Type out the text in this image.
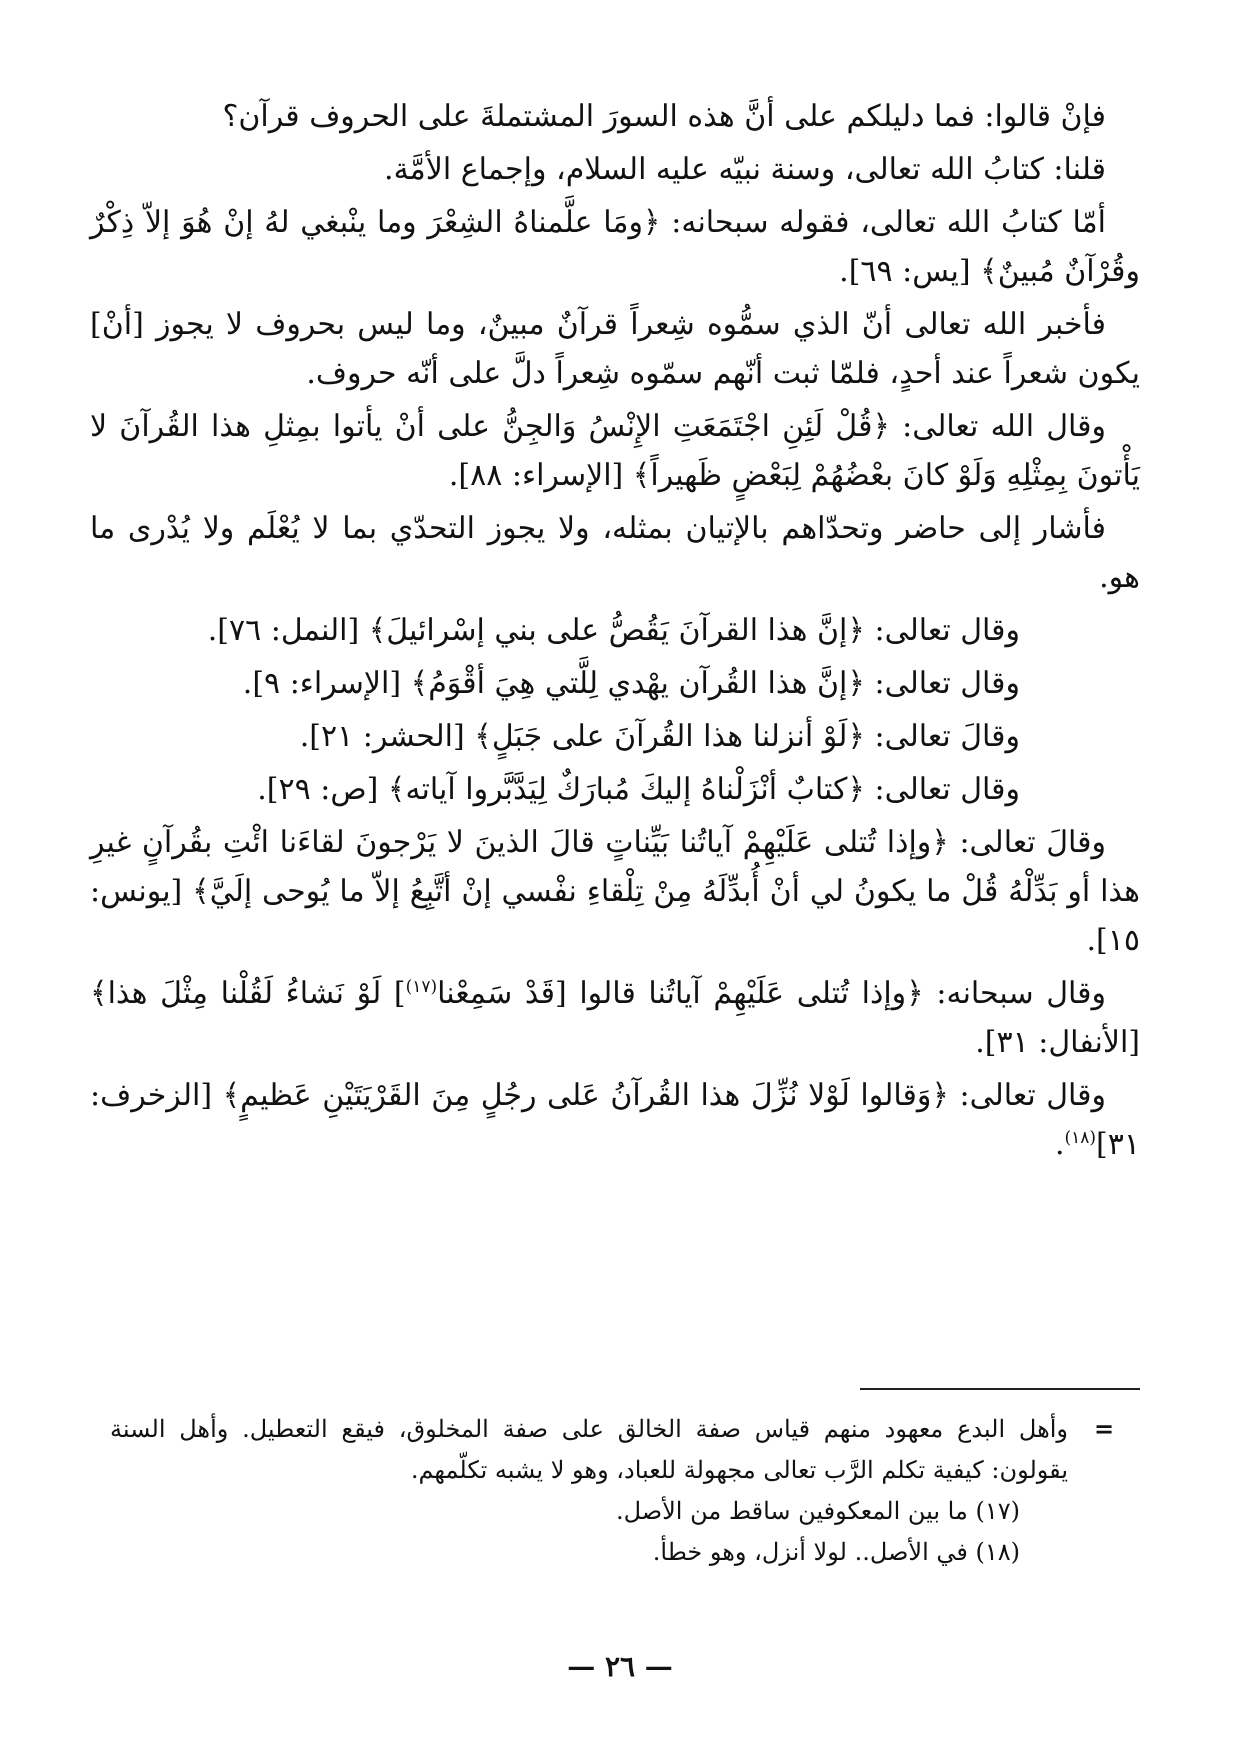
فإنْ قالوا: فما دليلكم على أنَّ هذه السورَ المشتملةَ على الحروف قرآن؟

قلنا: كتابُ الله تعالى، وسنة نبيّه عليه السلام، وإجماع الأمَّة.

أمّا كتابُ الله تعالى، فقوله سبحانه: ﴿ومَا علَّمناهُ الشِعْرَ وما ينْبغي لهُ إنْ هُوَ إلاّ ذِكْرٌ وقُرْآنٌ مُبينٌ﴾ [يس: ٦٩].

فأخبر الله تعالى أنّ الذي سمُّوه شِعراً قرآنٌ مبينٌ، وما ليس بحروف لا يجوز [أنْ] يكون شعراً عند أحدٍ، فلمّا ثبت أنّهم سمّوه شِعراً دلَّ على أنّه حروف.

وقال الله تعالى: ﴿قُلْ لَئِنِ اجْتَمَعَتِ الإِنْسُ وَالجِنُّ على أنْ يأتوا بمِثلِ هذا القُرآنَ لا يَأْتونَ بِمِثْلِهِ وَلَوْ كانَ بعْضُهُمْ لِبَعْضٍ ظَهيراً﴾ [الإسراء: ٨٨].

فأشار إلى حاضر وتحدّاهم بالإتيان بمثله، ولا يجوز التحدّي بما لا يُعْلَم ولا يُدْرى ما هو.

وقال تعالى: ﴿إنَّ هذا القرآنَ يَقُصُّ على بني إسْرائيلَ﴾ [النمل: ٧٦].

وقال تعالى: ﴿إنَّ هذا القُرآن يهْدي لِلَّتي هِيَ أقْوَمُ﴾ [الإسراء: ٩].

وقالَ تعالى: ﴿لَوْ أنزلنا هذا القُرآنَ على جَبَلٍ﴾ [الحشر: ٢١].

وقال تعالى: ﴿كتابٌ أنْزَلْناهُ إليكَ مُبارَكٌ لِيَدَّبَّروا آياته﴾ [ص: ٢٩].

وقالَ تعالى: ﴿وإذا تُتلى عَلَيْهِمْ آياتُنا بَيِّناتٍ قالَ الذينَ لا يَرْجونَ لقاءَنا ائْتِ بقُرآنٍ غيرِ هذا أو بَدِّلْهُ قُلْ ما يكونُ لي أنْ أُبدِّلَهُ مِنْ تِلْقاءِ نفْسي إنْ أتَّبِعُ إلاّ ما يُوحى إلَيَّ﴾ [يونس: ١٥].

وقال سبحانه: ﴿وإذا تُتلى عَلَيْهِمْ آياتُنا قالوا [قَدْ سَمِعْنا$^{(١٧)}$] لَوْ نَشاءُ لَقُلْنا مِثْلَ هذا﴾ [الأنفال: ٣١].

وقال تعالى: ﴿وَقالوا لَوْلا نُزِّلَ هذا القُرآنُ عَلى رجُلٍ مِنَ القَرْيَتَيْنِ عَظيمٍ﴾ [الزخرف: ٣١]$^{(١٨)}$.

=وأهل البدع معهود منهم قياس صفة الخالق على صفة المخلوق، فيقع التعطيل. وأهل السنة يقولون: كيفية تكلم الرَّب تعالى مجهولة للعباد، وهو لا يشبه تكلّمهم.

(١٧) ما بين المعكوفين ساقط من الأصل.

(١٨) في الأصل.. لولا أنزل، وهو خطأ.

— ٢٦ —
